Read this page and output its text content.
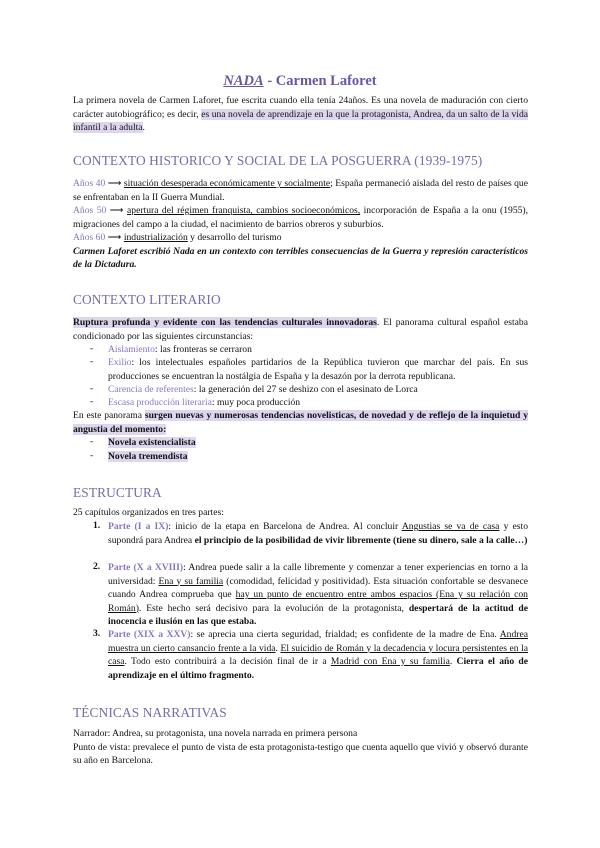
NADA - Carmen Laforet
La primera novela de Carmen Laforet, fue escrita cuando ella tenía 24años. Es una novela de maduración con cierto carácter autobiográfico; es decir, es una novela de aprendizaje en la que la protagonista, Andrea, da un salto de la vida infantil a la adulta.
CONTEXTO HISTORICO Y SOCIAL DE LA POSGUERRA (1939-1975)
Años 40 ⟶ situación desesperada económicamente y socialmente; España permaneció aislada del resto de países que se enfrentaban en la II Guerra Mundial.
Años 50 ⟶ apertura del régimen franquista, cambios socioeconómicos, incorporación de España a la onu (1955), migraciones del campo a la ciudad, el nacimiento de barrios obreros y suburbios.
Años 60 ⟶ industrialización y desarrollo del turismo
Carmen Laforet escribió Nada en un contexto con terribles consecuencias de la Guerra y represión característicos de la Dictadura.
CONTEXTO LITERARIO
Ruptura profunda y evidente con las tendencias culturales innovadoras. El panorama cultural español estaba condicionado por las siguientes circunstancias:
- Aislamiento: las fronteras se cerraron
- Exilio: los intelectuales españoles partidarios de la República tuvieron que marchar del país. En sus producciones se encuentran la nostálgia de España y la desazón por la derrota republicana.
- Carencia de referentes: la generación del 27 se deshizo con el asesinato de Lorca
- Escasa producción literaria: muy poca producción
En este panorama surgen nuevas y numerosas tendencias novelisticas, de novedad y de reflejo de la inquietud y angustia del momento:
- Novela existencialista
- Novela tremendista
ESTRUCTURA
25 capítulos organizados en tres partes:
1. Parte (I a IX): inicio de la etapa en Barcelona de Andrea. Al concluir Angustias se va de casa y esto supondrá para Andrea el principio de la posibilidad de vivir libremente (tiene su dinero, sale a la calle…)
2. Parte (X a XVIII): Andrea puede salir a la calle libremente y comenzar a tener experiencias en torno a la universidad: Ena y su familia (comodidad, felicidad y positividad). Esta situación confortable se desvanece cuando Andrea comprueba que hay un punto de encuentro entre ambos espacios (Ena y su relación con Román). Este hecho será decisivo para la evolución de la protagonista, despertará de la actitud de inocencia e ilusión en las que estaba.
3. Parte (XIX a XXV): se aprecia una cierta seguridad, frialdad; es confidente de la madre de Ena. Andrea muestra un cierto cansancio frente a la vida. El suicidio de Román y la decadencia y locura persistentes en la casa. Todo esto contribuirá a la decisión final de ir a Madrid con Ena y su familia. Cierra el año de aprendizaje en el último fragmento.
TÉCNICAS NARRATIVAS
Narrador: Andrea, su protagonista, una novela narrada en primera persona
Punto de vista: prevalece el punto de vista de esta protagonista-testigo que cuenta aquello que vivió y observó durante su año en Barcelona.
